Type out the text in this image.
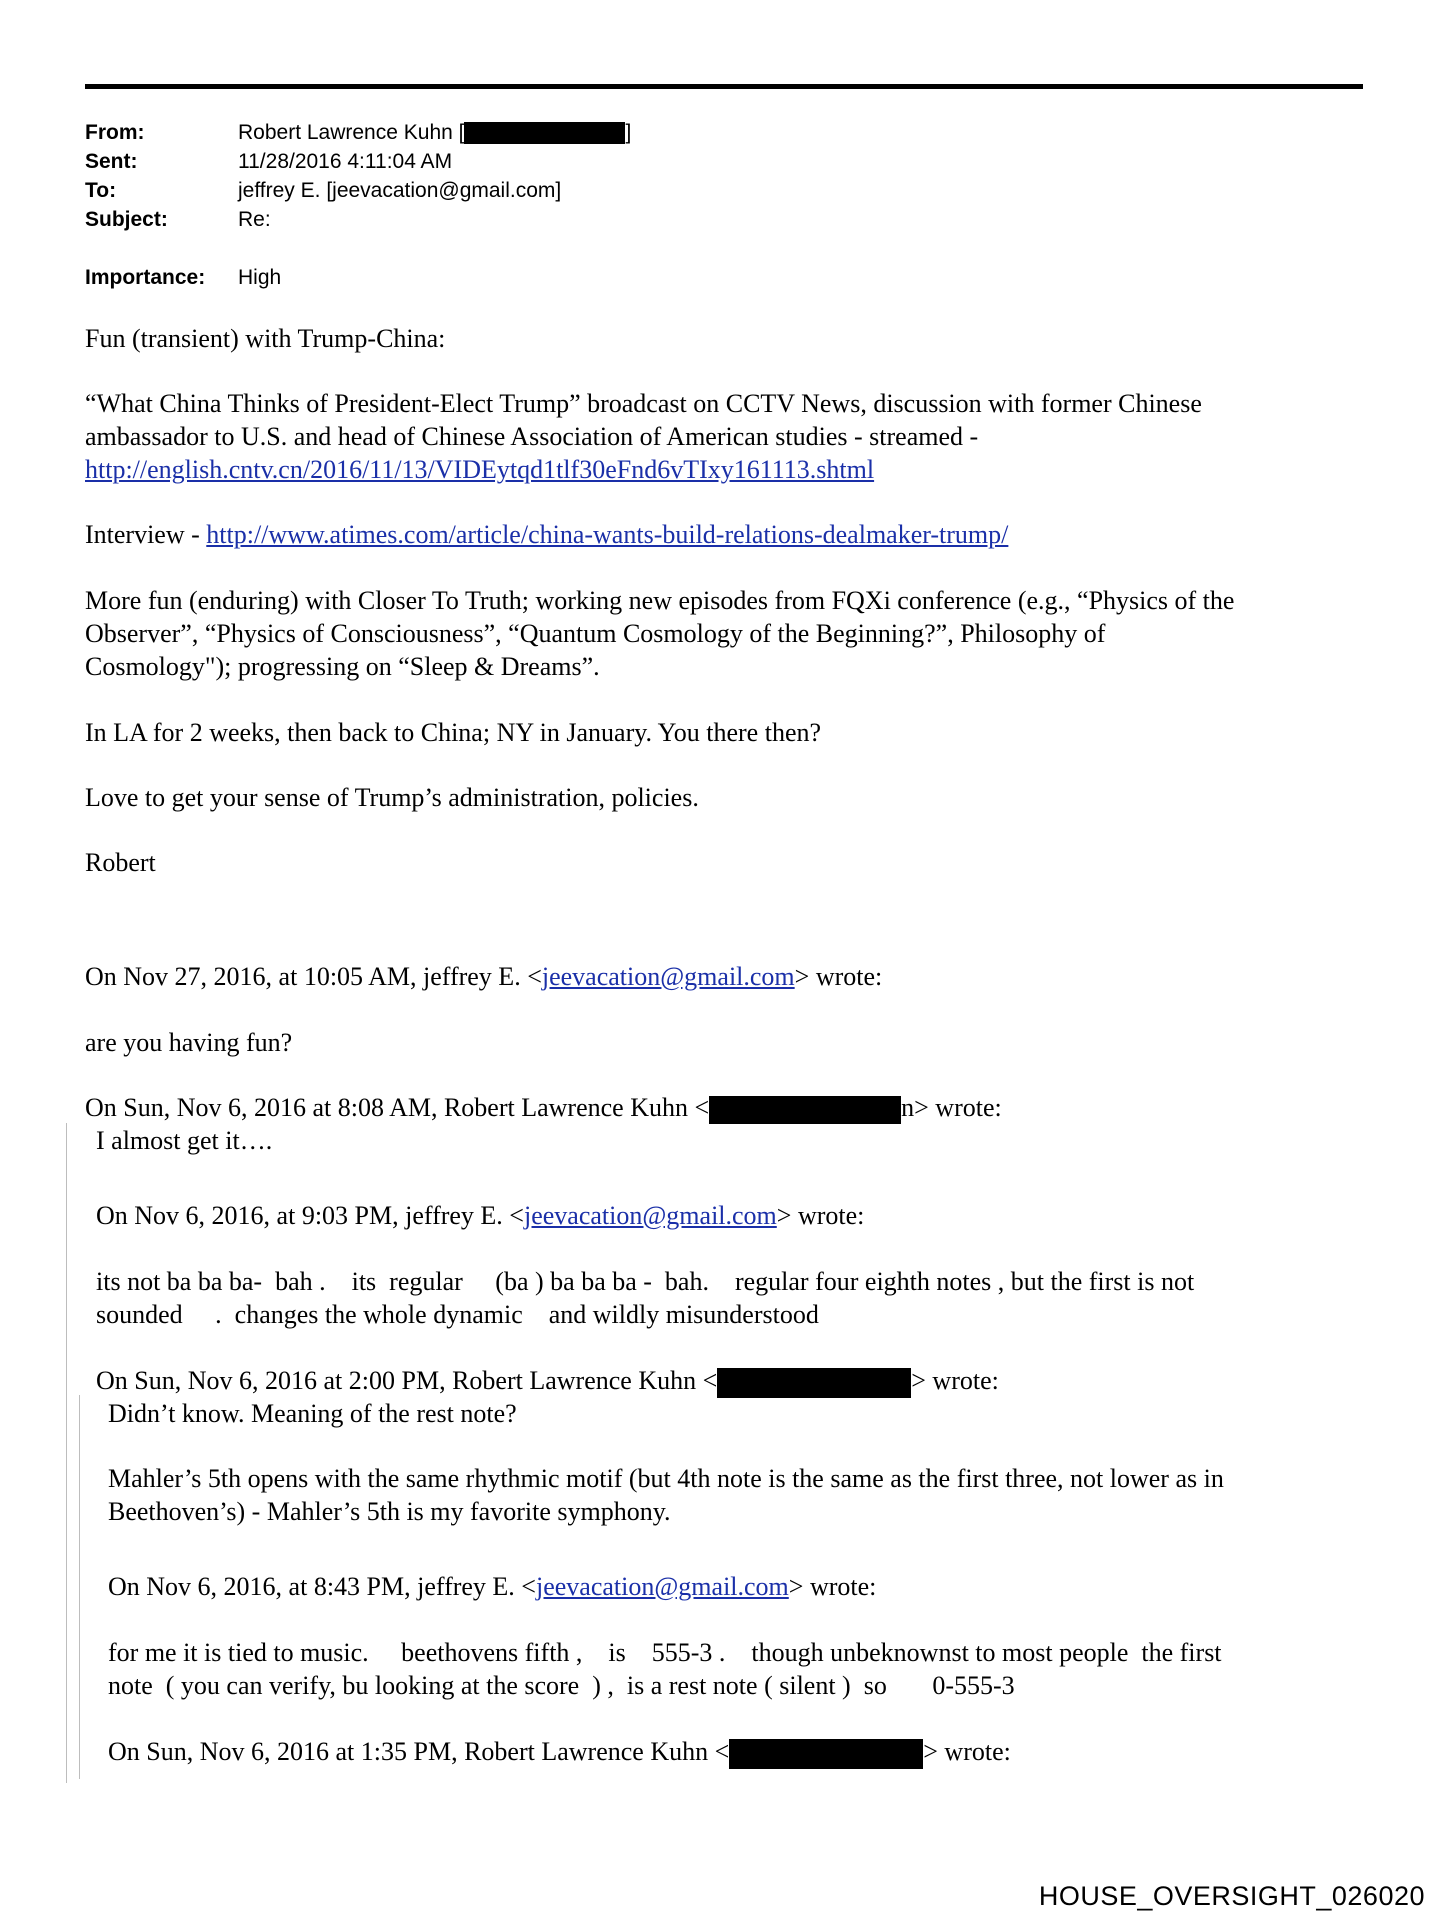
From:	Robert Lawrence Kuhn [	]
Sent:	11/28/2016 4:11:04 AM
To:	jeffrey E. [jeevacation@gmail.com]
Subject:	Re:
Importance: High
Fun (transient) with Trump-China:
“What China Thinks of President-Elect Trump” broadcast on CCTV News, discussion with former Chinese
ambassador to U.S. and head of Chinese Association of American studies - streamed -
http://english.cntv.cn/2016/11/13/VIDEytqd1tlf30eFnd6vTIxy161113.shtml
Interview - http://www.atimes.com/article/china-wants-build-relations-dealmaker-trump/
More fun (enduring) with Closer To Truth; working new episodes from FQXi conference (e.g., “Physics of the
Observer”, “Physics of Consciousness”, “Quantum Cosmology of the Beginning?”, Philosophy of
Cosmology"); progressing on “Sleep & Dreams”.
In LA for 2 weeks, then back to China; NY in January. You there then?
Love to get your sense of Trump’s administration, policies.
Robert
On Nov 27, 2016, at 10:05 AM, jeffrey E. <jeevacation@gmail.com> wrote:
are you having fun?
On Sun, Nov 6, 2016 at 8:08 AM, Robert Lawrence Kuhn <	n> wrote:
I almost get it….
On Nov 6, 2016, at 9:03 PM, jeffrey E. <jeevacation@gmail.com> wrote:
its not ba ba ba-  bah .    its  regular     (ba ) ba ba ba -  bah.    regular four eighth notes , but the first is not
sounded     .  changes the whole dynamic    and wildly misunderstood
On Sun, Nov 6, 2016 at 2:00 PM, Robert Lawrence Kuhn <	> wrote:
Didn’t know. Meaning of the rest note?
Mahler’s 5th opens with the same rhythmic motif (but 4th note is the same as the first three, not lower as in
Beethoven’s) - Mahler’s 5th is my favorite symphony.
On Nov 6, 2016, at 8:43 PM, jeffrey E. <jeevacation@gmail.com> wrote:
for me it is tied to music.     beethovens fifth ,    is    555-3 .    though unbeknownst to most people  the first
note  ( you can verify, bu looking at the score  ) ,  is a rest note ( silent )  so       0-555-3
On Sun, Nov 6, 2016 at 1:35 PM, Robert Lawrence Kuhn <	> wrote:
HOUSE_OVERSIGHT_026020
